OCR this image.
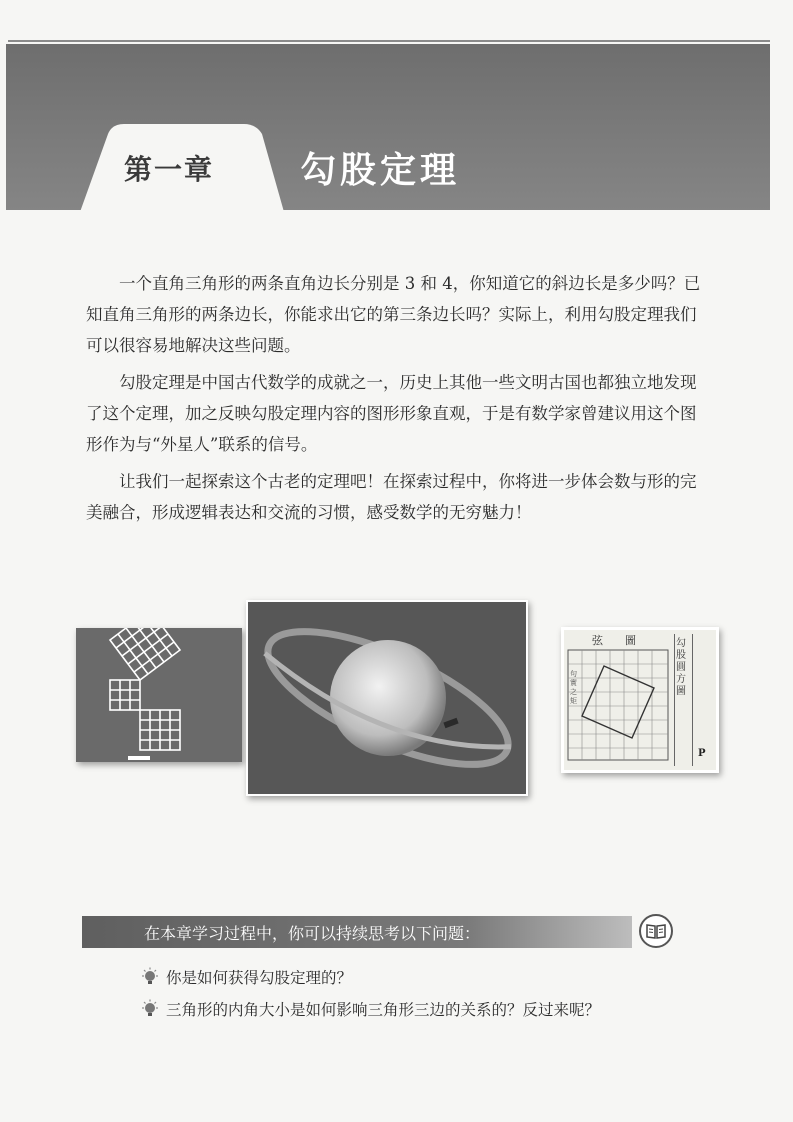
第一章 勾股定理

一个直角三角形的两条直角边长分别是 3 和 4，你知道它的斜边长是多少吗？已知直角三角形的两条边长，你能求出它的第三条边长吗？实际上，利用勾股定理我们可以很容易地解决这些问题。

勾股定理是中国古代数学的成就之一，历史上其他一些文明古国也都独立地发现了这个定理，加之反映勾股定理内容的图形形象直观，于是有数学家曾建议用这个图形作为与“外星人”联系的信号。

让我们一起探索这个古老的定理吧！在探索过程中，你将进一步体会数与形的完美融合，形成逻辑表达和交流的习惯，感受数学的无穷魅力！

弦圖 勾股圓方圖
句實之矩
P
在本章学习过程中，你可以持续思考以下问题：
你是如何获得勾股定理的？
三角形的内角大小是如何影响三角形三边的关系的？反过来呢？
